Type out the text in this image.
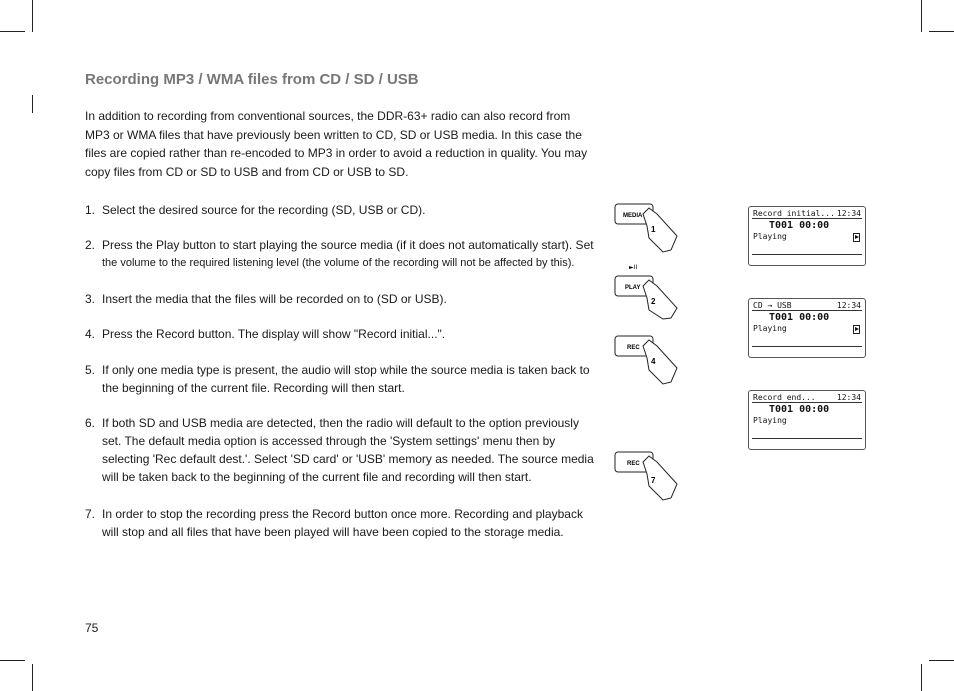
Recording MP3 / WMA files from CD / SD / USB

In addition to recording from conventional sources, the DDR-63+ radio can also record from MP3 or WMA files that have previously been written to CD, SD or USB media. In this case the files are copied rather than re-encoded to MP3 in order to avoid a reduction in quality. You may copy files from CD or SD to USB and from CD or USB to SD.

1. Select the desired source for the recording (SD, USB or CD).
2. Press the Play button to start playing the source media (if it does not automatically start). Set
the volume to the required listening level (the volume of the recording will not be affected by this).
3. Insert the media that the files will be recorded on to (SD or USB).
4. Press the Record button. The display will show "Record initial...".
5. If only one media type is present, the audio will stop while the source media is taken back to the beginning of the current file. Recording will then start.
6. If both SD and USB media are detected, then the radio will default to the option previously set. The default media option is accessed through the 'System settings' menu then by selecting 'Rec default dest.'. Select 'SD card' or 'USB' memory as needed. The source media will be taken back to the beginning of the current file and recording will then start.
7. In order to stop the recording press the Record button once more. Recording and playback will stop and all files that have been played will have been copied to the storage media.
75
MEDIA
1
►II
PLAY
2
REC
4
REC
7
Record initial... 12:34
T001 00:00
Playing
CD → USB	12:34
T001 00:00
Playing
Record end...	12:34
T001 00:00
Playing
